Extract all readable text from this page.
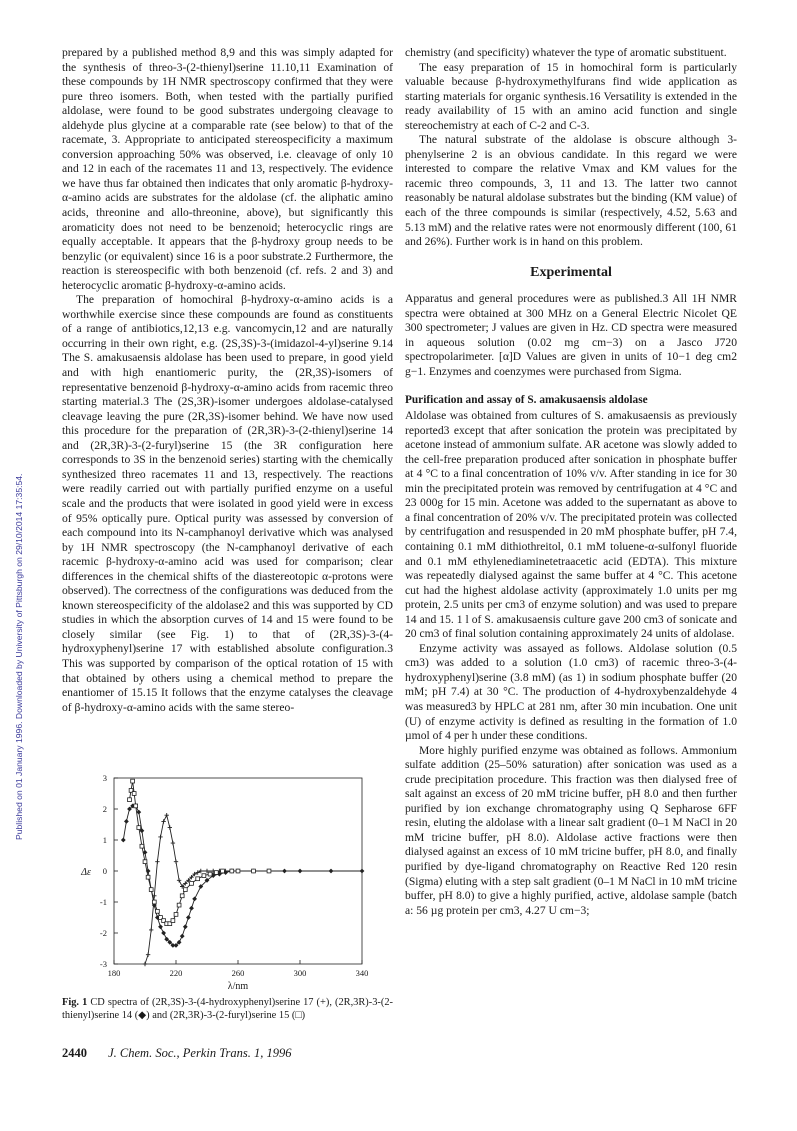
Published on 01 January 1996. Downloaded by University of Pittsburgh on 29/10/2014 17:35:54.

prepared by a published method 8,9 and this was simply adapted for the synthesis of threo-3-(2-thienyl)serine 11.10,11 Examination of these compounds by 1H NMR spectroscopy confirmed that they were pure threo isomers. Both, when tested with the partially purified aldolase, were found to be good substrates undergoing cleavage to aldehyde plus glycine at a comparable rate (see below) to that of the racemate, 3. Appropriate to anticipated stereospecificity a maximum conversion approaching 50% was observed, i.e. cleavage of only 10 and 12 in each of the racemates 11 and 13, respectively. The evidence we have thus far obtained then indicates that only aromatic β-hydroxy-α-amino acids are substrates for the aldolase (cf. the aliphatic amino acids, threonine and allo-threonine, above), but significantly this aromaticity does not need to be benzenoid; heterocyclic rings are equally acceptable. It appears that the β-hydroxy group needs to be benzylic (or equivalent) since 16 is a poor substrate.2 Furthermore, the reaction is stereospecific with both benzenoid (cf. refs. 2 and 3) and heterocyclic aromatic β-hydroxy-α-amino acids.

The preparation of homochiral β-hydroxy-α-amino acids is a worthwhile exercise since these compounds are found as constituents of a range of antibiotics,12,13 e.g. vancomycin,12 and are naturally occurring in their own right, e.g. (2S,3S)-3-(imidazol-4-yl)serine 9.14 The S. amakusaensis aldolase has been used to prepare, in good yield and with high enantiomeric purity, the (2R,3S)-isomers of representative benzenoid β-hydroxy-α-amino acids from racemic threo starting material.3 The (2S,3R)-isomer undergoes aldolase-catalysed cleavage leaving the pure (2R,3S)-isomer behind. We have now used this procedure for the preparation of (2R,3R)-3-(2-thienyl)serine 14 and (2R,3R)-3-(2-furyl)serine 15 (the 3R configuration here corresponds to 3S in the benzenoid series) starting with the chemically synthesized threo racemates 11 and 13, respectively. The reactions were readily carried out with partially purified enzyme on a useful scale and the products that were isolated in good yield were in excess of 95% optically pure. Optical purity was assessed by conversion of each compound into its N-camphanoyl derivative which was analysed by 1H NMR spectroscopy (the N-camphanoyl derivative of each racemic β-hydroxy-α-amino acid was used for comparison; clear differences in the chemical shifts of the diastereotopic α-protons were observed). The correctness of the configurations was deduced from the known stereospecificity of the aldolase2 and this was supported by CD studies in which the absorption curves of 14 and 15 were found to be closely similar (see Fig. 1) to that of (2R,3S)-3-(4-hydroxyphenyl)serine 17 with established absolute configuration.3 This was supported by comparison of the optical rotation of 15 with that obtained by others using a chemical method to prepare the enantiomer of 15.15 It follows that the enzyme catalyses the cleavage of β-hydroxy-α-amino acids with the same stereo-

chemistry (and specificity) whatever the type of aromatic substituent.

The easy preparation of 15 in homochiral form is particularly valuable because β-hydroxymethylfurans find wide application as starting materials for organic synthesis.16 Versatility is extended in the ready availability of 15 with an amino acid function and single stereochemistry at each of C-2 and C-3.

The natural substrate of the aldolase is obscure although 3-phenylserine 2 is an obvious candidate. In this regard we were interested to compare the relative Vmax and KM values for the racemic threo compounds, 3, 11 and 13. The latter two cannot reasonably be natural aldolase substrates but the binding (KM value) of each of the three compounds is similar (respectively, 4.52, 5.63 and 5.13 mM) and the relative rates were not enormously different (100, 61 and 26%). Further work is in hand on this problem.

Experimental

Apparatus and general procedures were as published.3 All 1H NMR spectra were obtained at 300 MHz on a General Electric Nicolet QE 300 spectrometer; J values are given in Hz. CD spectra were measured in aqueous solution (0.02 mg cm−3) on a Jasco J720 spectropolarimeter. [α]D Values are given in units of 10−1 deg cm2 g−1. Enzymes and coenzymes were purchased from Sigma.

Purification and assay of S. amakusaensis aldolase

Aldolase was obtained from cultures of S. amakusaensis as previously reported3 except that after sonication the protein was precipitated by acetone instead of ammonium sulfate. AR acetone was slowly added to the cell-free preparation produced after sonication in phosphate buffer at 4 °C to a final concentration of 10% v/v. After standing in ice for 30 min the precipitated protein was removed by centrifugation at 4 °C and 23 000g for 15 min. Acetone was added to the supernatant as above to a final concentration of 20% v/v. The precipitated protein was collected by centrifugation and resuspended in 20 mM phosphate buffer, pH 7.4, containing 0.1 mM dithiothreitol, 0.1 mM toluene-α-sulfonyl fluoride and 0.1 mM ethylenediaminetetraacetic acid (EDTA). This mixture was repeatedly dialysed against the same buffer at 4 °C. This acetone cut had the highest aldolase activity (approximately 1.0 units per mg protein, 2.5 units per cm3 of enzyme solution) and was used to prepare 14 and 15. 1 l of S. amakusaensis culture gave 200 cm3 of sonicate and 20 cm3 of final solution containing approximately 24 units of aldolase.

Enzyme activity was assayed as follows. Aldolase solution (0.5 cm3) was added to a solution (1.0 cm3) of racemic threo-3-(4-hydroxyphenyl)serine (3.8 mM) (as 1) in sodium phosphate buffer (20 mM; pH 7.4) at 30 °C. The production of 4-hydroxybenzaldehyde 4 was measured3 by HPLC at 281 nm, after 30 min incubation. One unit (U) of enzyme activity is defined as resulting in the formation of 1.0 µmol of 4 per h under these conditions.

More highly purified enzyme was obtained as follows. Ammonium sulfate addition (25–50% saturation) after sonication was used as a crude precipitation procedure. This fraction was then dialysed free of salt against an excess of 20 mM tricine buffer, pH 8.0 and then further purified by ion exchange chromatography using Q Sepharose 6FF resin, eluting the aldolase with a linear salt gradient (0–1 M NaCl in 20 mM tricine buffer, pH 8.0). Aldolase active fractions were then dialysed against an excess of 10 mM tricine buffer, pH 8.0, and finally purified by dye-ligand chromatography on Reactive Red 120 resin (Sigma) eluting with a step salt gradient (0–1 M NaCl in 10 mM tricine buffer, pH 8.0) to give a highly purified, active, aldolase sample (batch a: 56 µg protein per cm3, 4.27 U cm−3;

3
2
1
0
-1
-2
-3
180	220	260	300	340
Δε
λ/nm
Fig. 1 CD spectra of (2R,3S)-3-(4-hydroxyphenyl)serine 17 (+), (2R,3R)-3-(2-thienyl)serine 14 (◆) and (2R,3R)-3-(2-furyl)serine 15 (□)
2440 J. Chem. Soc., Perkin Trans. 1, 1996
